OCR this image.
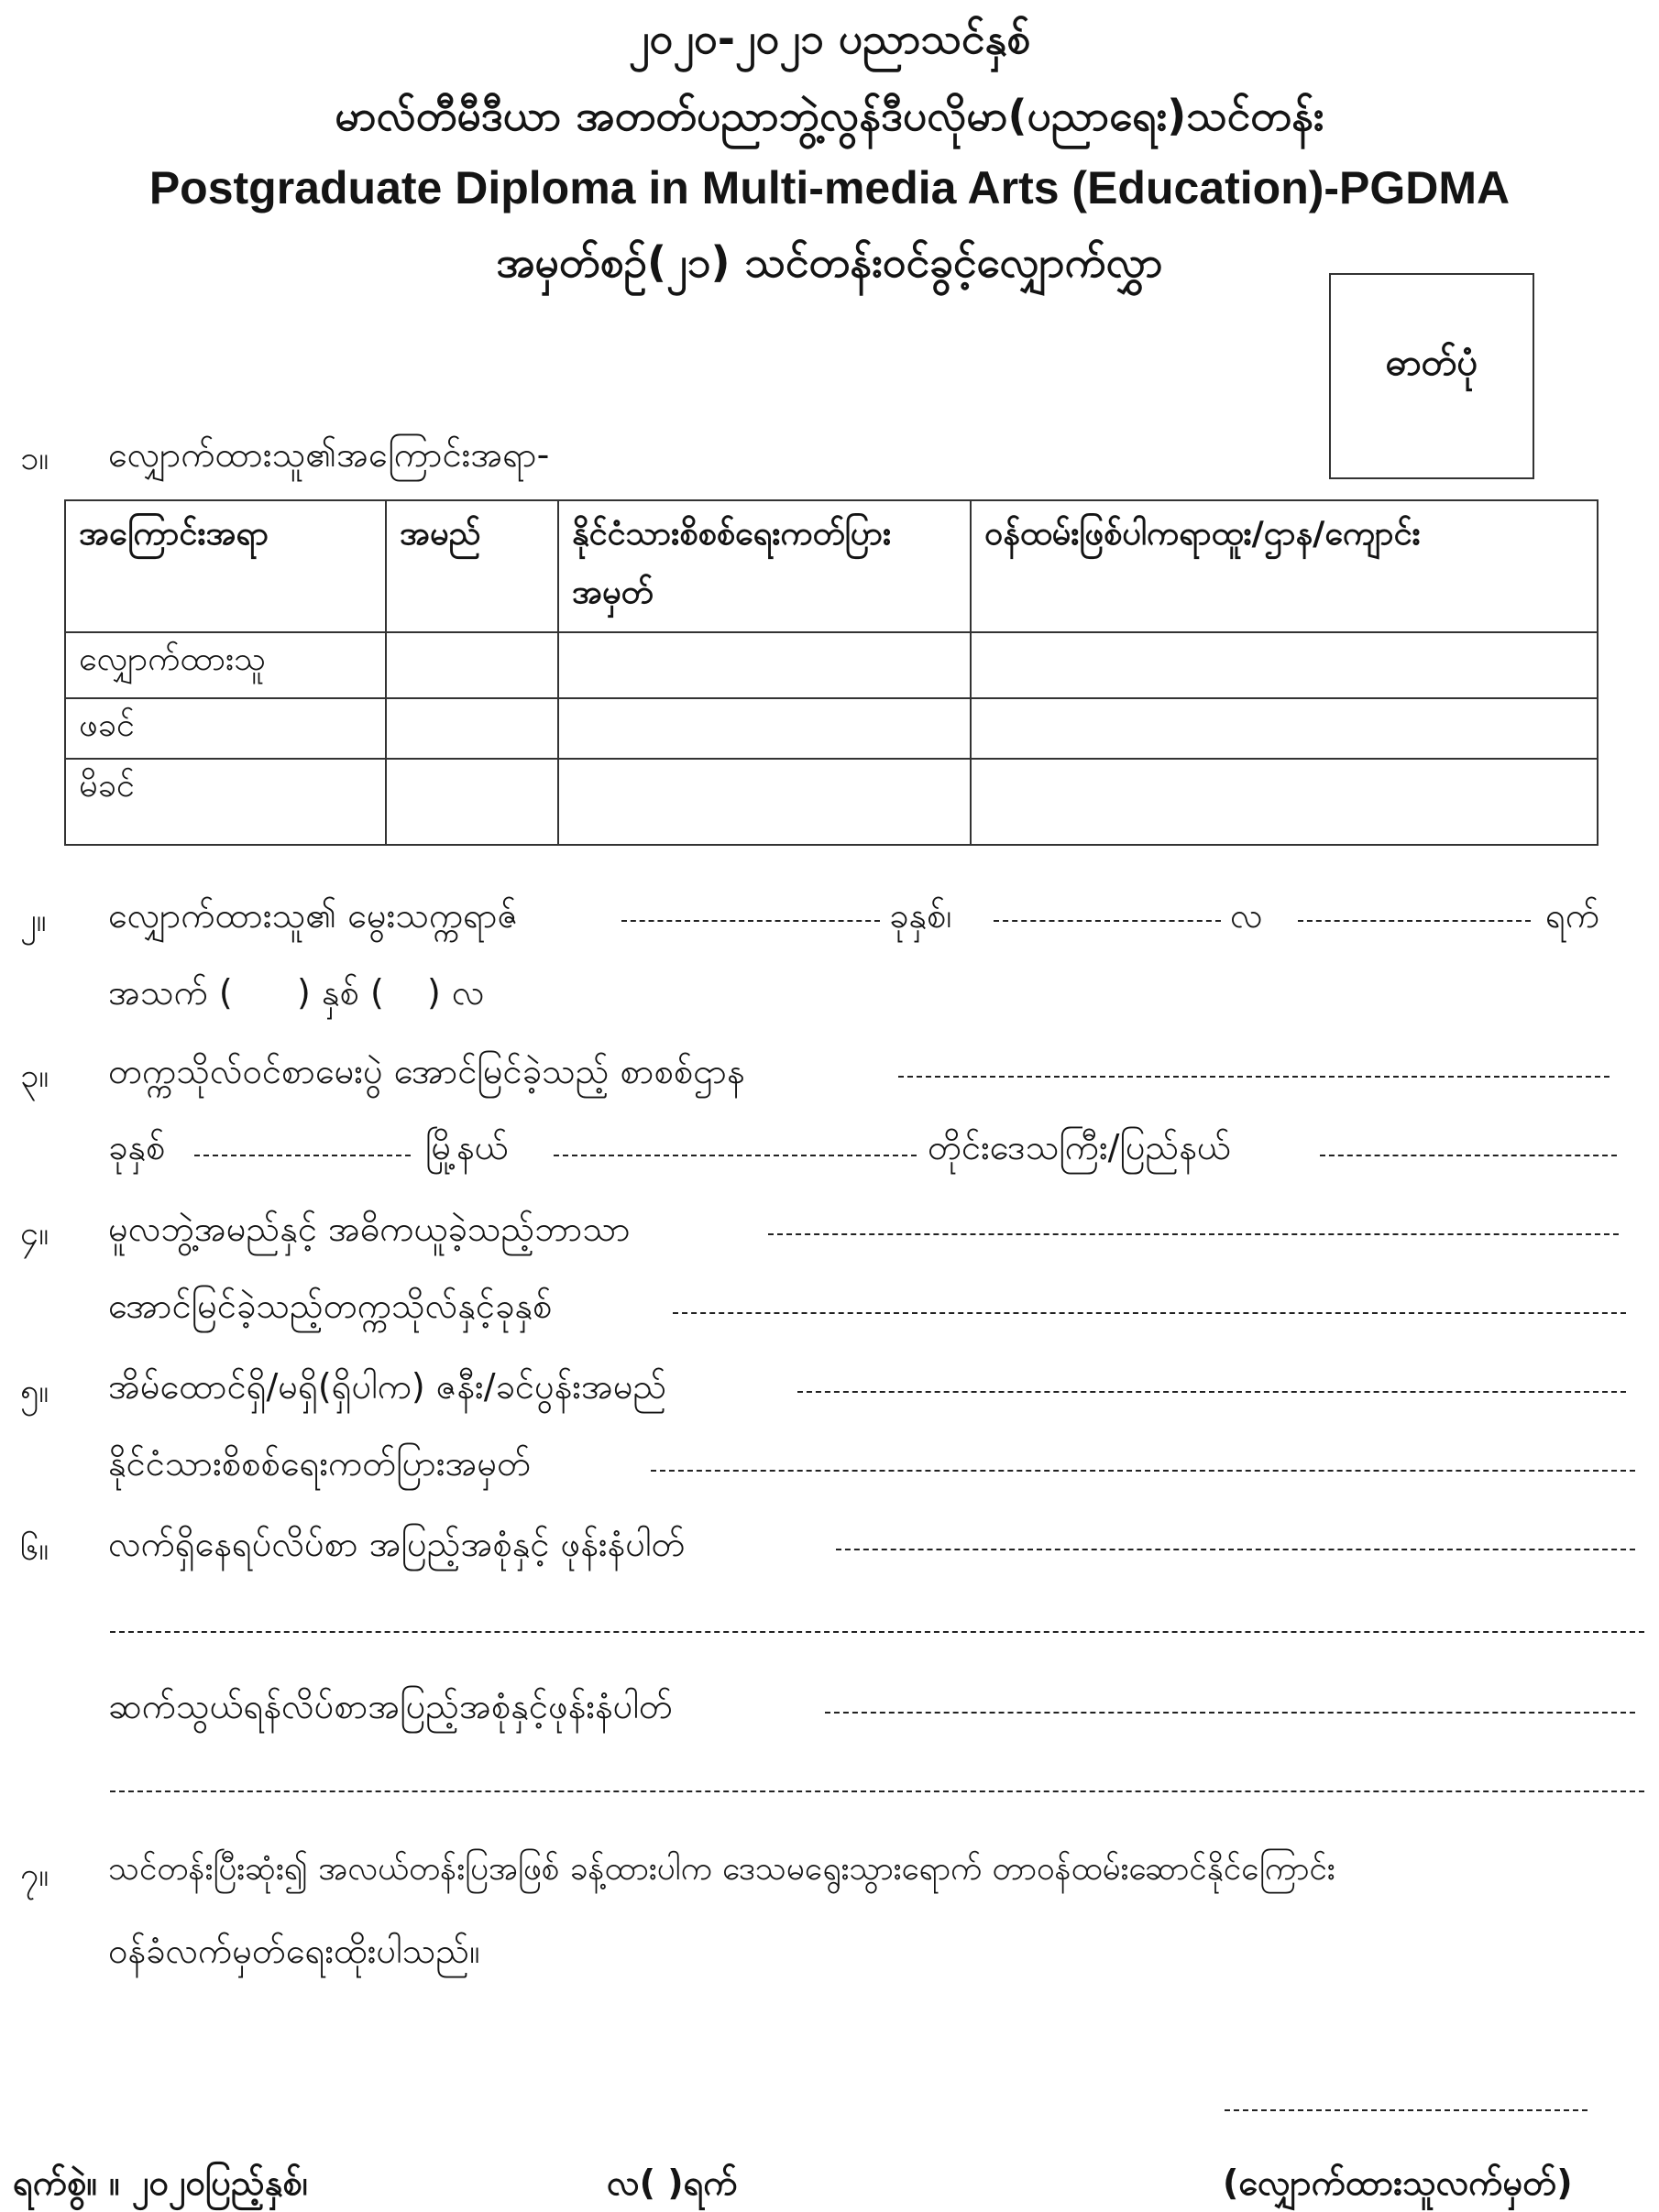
၂၀၂၀-၂၀၂၁ ပညာသင်နှစ်
မာလ်တီမီဒီယာ အတတ်ပညာဘွဲ့လွန်ဒီပလိုမာ(ပညာရေး)သင်တန်း
Postgraduate Diploma in Multi-media Arts (Education)-PGDMA
အမှတ်စဉ်(၂၁) သင်တန်းဝင်ခွင့်လျှောက်လွှာ
ဓာတ်ပုံ
၁။ လျှောက်ထားသူ၏အကြောင်းအရာ-
အကြောင်းအရာ	အမည်	နိုင်ငံသားစိစစ်ရေးကတ်ပြားအမှတ်	ဝန်ထမ်းဖြစ်ပါကရာထူး/ဌာန/ကျောင်း
လျှောက်ထားသူ			
ဖခင်			
မိခင်			
၂။ လျှောက်ထားသူ၏ မွေးသက္ကရာဇ်	ခုနှစ်၊	လ	ရက်
အသက် ( ) နှစ် ( ) လ
၃။ တက္ကသိုလ်ဝင်စာမေးပွဲ အောင်မြင်ခဲ့သည့် စာစစ်ဌာန
ခုနှစ်	မြို့နယ်	တိုင်းဒေသကြီး/ပြည်နယ်
၄။ မူလဘွဲ့အမည်နှင့် အဓိကယူခဲ့သည့်ဘာသာ
အောင်မြင်ခဲ့သည့်တက္ကသိုလ်နှင့်ခုနှစ်
၅။ အိမ်ထောင်ရှိ/မရှိ(ရှိပါက) ဇနီး/ခင်ပွန်းအမည်
နိုင်ငံသားစိစစ်ရေးကတ်ပြားအမှတ်
၆။ လက်ရှိနေရပ်လိပ်စာ အပြည့်အစုံနှင့် ဖုန်းနံပါတ်
ဆက်သွယ်ရန်လိပ်စာအပြည့်အစုံနှင့်ဖုန်းနံပါတ်
၇။ သင်တန်းပြီးဆုံး၍ အလယ်တန်းပြအဖြစ် ခန့်ထားပါက ဒေသမရွေးသွားရောက် တာဝန်ထမ်းဆောင်နိုင်ကြောင်း
ဝန်ခံလက်မှတ်ရေးထိုးပါသည်။
ရက်စွဲ။ ။ ၂၀၂၀ပြည့်နှစ်၊	လ( )ရက်	(လျှောက်ထားသူလက်မှတ်)
